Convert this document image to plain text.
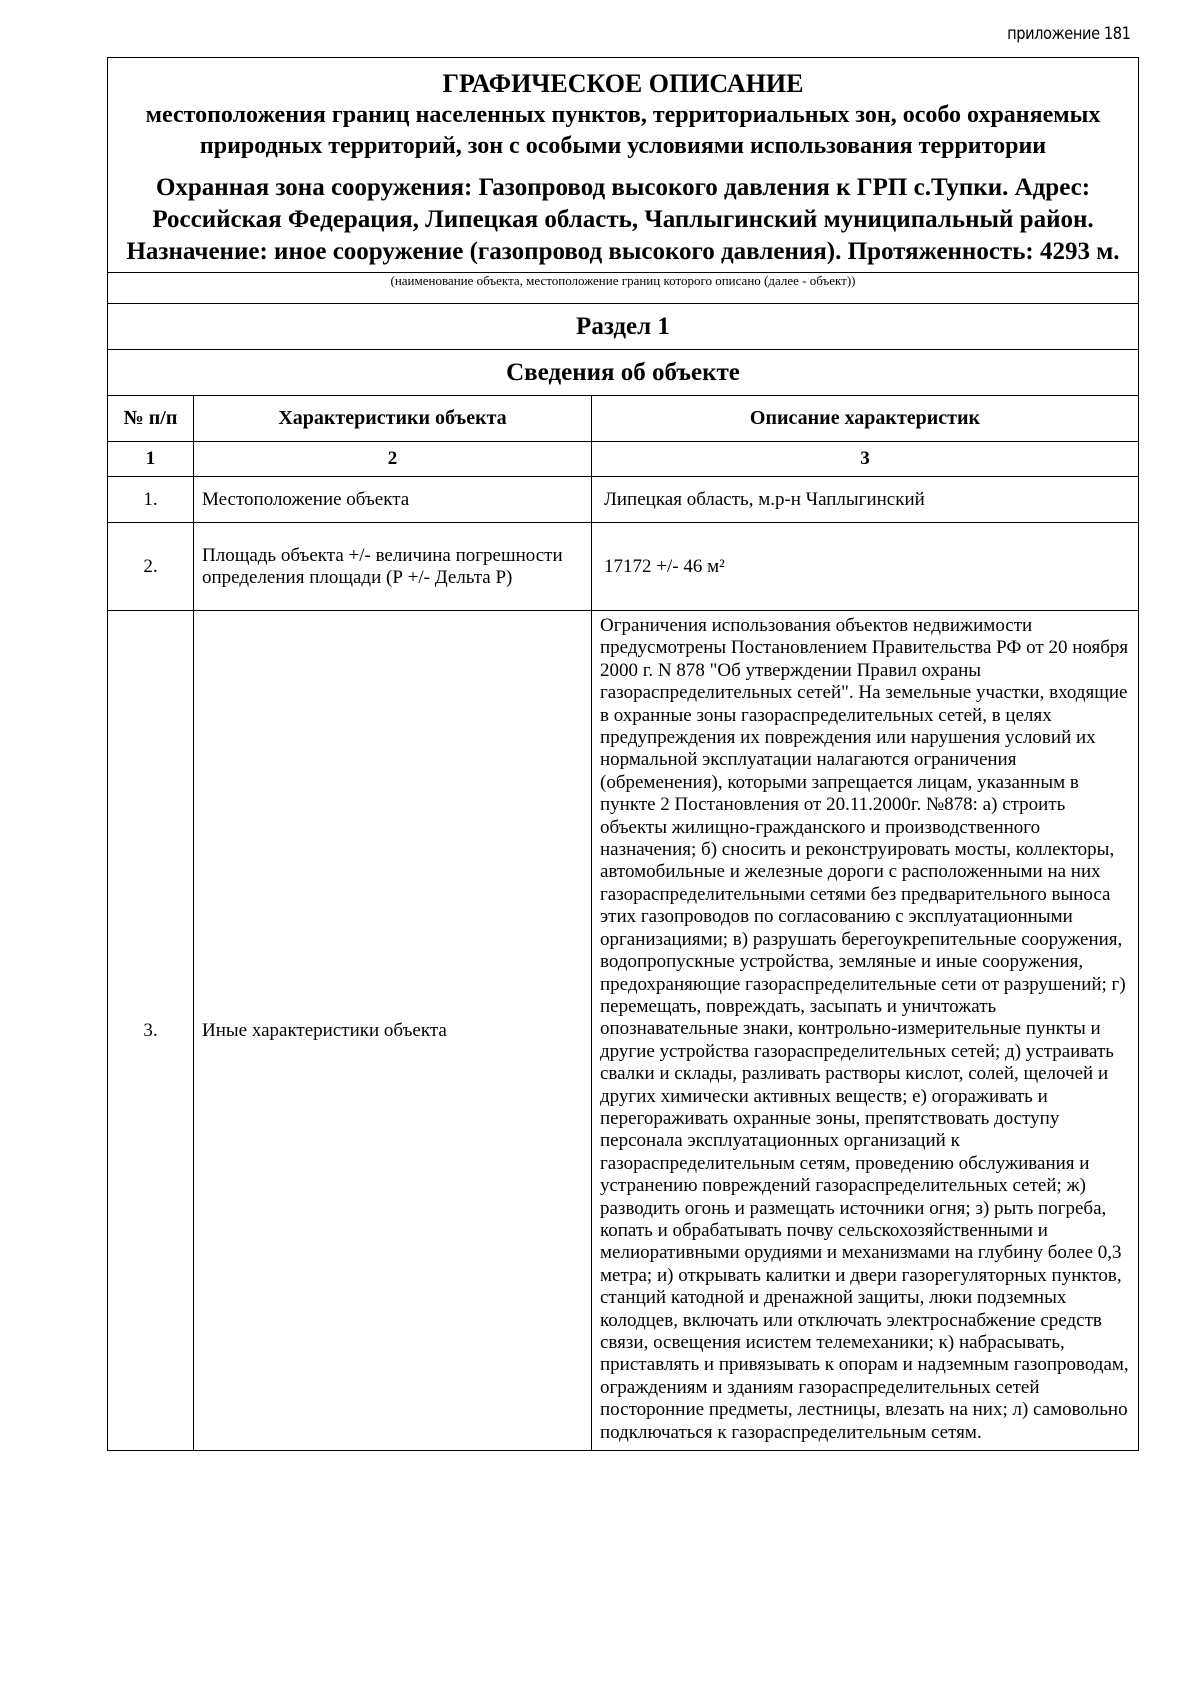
приложение 181
ГРАФИЧЕСКОЕ ОПИСАНИЕ
местоположения границ населенных пунктов, территориальных зон, особо охраняемых природных территорий, зон с особыми условиями использования территории
Охранная зона сооружения: Газопровод высокого давления к ГРП с.Тупки. Адрес: Российская Федерация, Липецкая область, Чаплыгинский муниципальный район. Назначение: иное сооружение (газопровод высокого давления). Протяженность: 4293 м.		

(наименование объекта, местоположение границ которого описано (далее - объект))		
Раздел 1		
Сведения об объекте		
№ п/п	Характеристики объекта	Описание характеристик
1	2	3
1.	Местоположение объекта	Липецкая область, м.р-н Чаплыгинский
2.	Площадь объекта +/- величина погрешности определения площади (Р +/- Дельта Р)	17172 +/- 46 м²
3.	Иные характеристики объекта	Ограничения использования объектов недвижимости предусмотрены Постановлением Правительства РФ от 20 ноября 2000 г. N 878 "Об утверждении Правил охраны газораспределительных сетей". На земельные участки, входящие в охранные зоны газораспределительных сетей, в целях предупреждения их повреждения или нарушения условий их нормальной эксплуатации налагаются ограничения (обременения), которыми запрещается лицам, указанным в пункте 2 Постановления от 20.11.2000г. №878: а) строить объекты жилищно-гражданского и производственного назначения; б) сносить и реконструировать мосты, коллекторы, автомобильные и железные дороги с расположенными на них газораспределительными сетями без предварительного выноса этих газопроводов по согласованию с эксплуатационными организациями; в) разрушать берегоукрепительные сооружения, водопропускные устройства, земляные и иные сооружения, предохраняющие газораспределительные сети от разрушений; г) перемещать, повреждать, засыпать и уничтожать опознавательные знаки, контрольно-измерительные пункты и другие устройства газораспределительных сетей; д) устраивать свалки и склады, разливать растворы кислот, солей, щелочей и других химически активных веществ; е) огораживать и перегораживать охранные зоны, препятствовать доступу персонала эксплуатационных организаций к газораспределительным сетям, проведению обслуживания и устранению повреждений газораспределительных сетей; ж) разводить огонь и размещать источники огня; з) рыть погреба, копать и обрабатывать почву сельскохозяйственными и мелиоративными орудиями и механизмами на глубину более 0,3 метра; и) открывать калитки и двери газорегуляторных пунктов, станций катодной и дренажной защиты, люки подземных колодцев, включать или отключать электроснабжение средств связи, освещения исистем телемеханики; к) набрасывать, приставлять и привязывать к опорам и надземным газопроводам, ограждениям и зданиям газораспределительных сетей посторонние предметы, лестницы, влезать на них; л) самовольно подключаться к газораспределительным сетям.
